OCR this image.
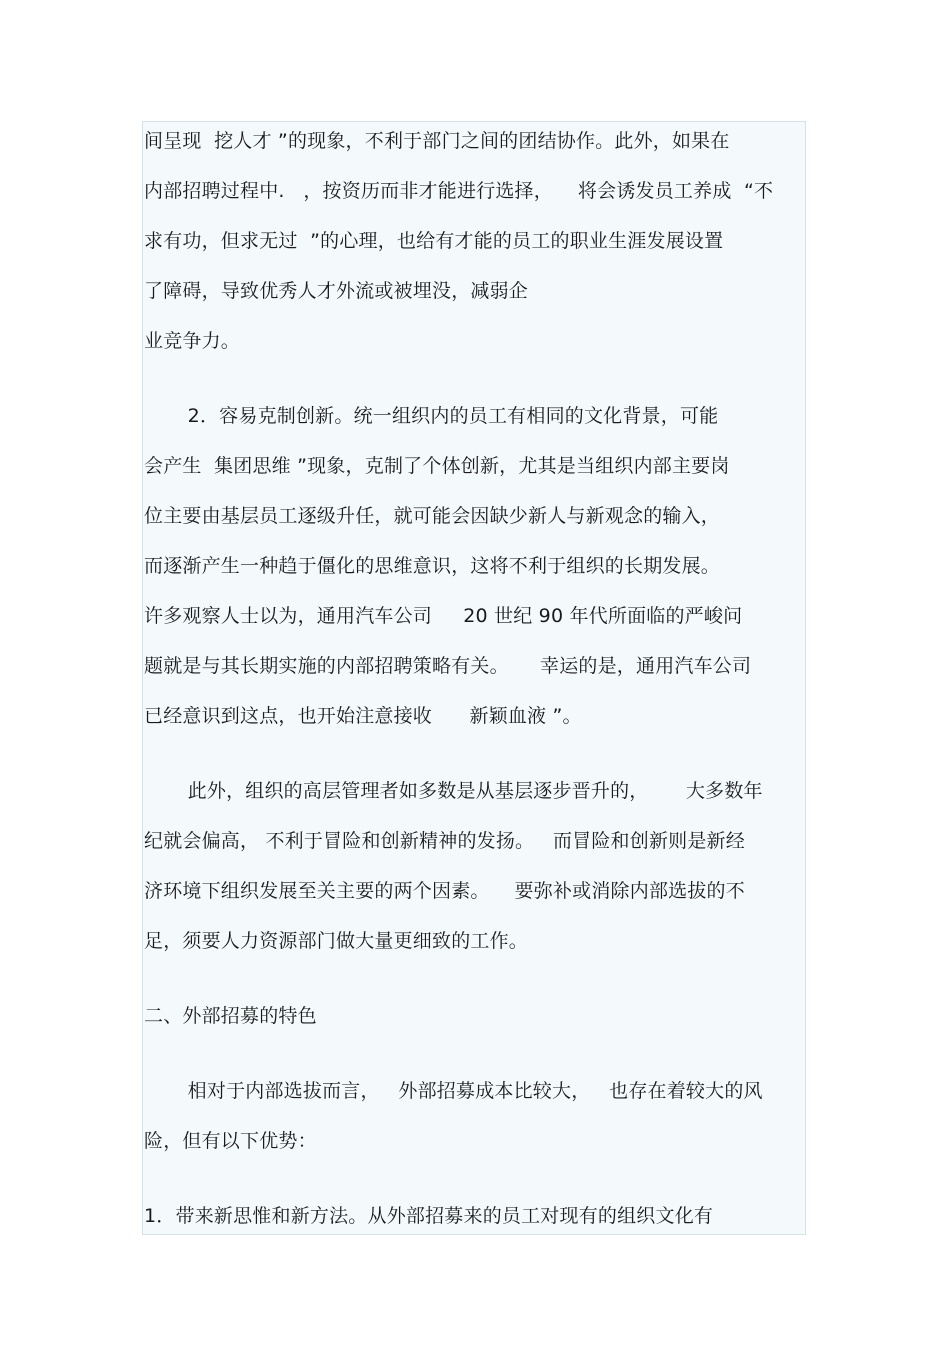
间呈现  挖人才 ”的现象，不利于部门之间的团结协作。此外，如果在
内部招聘过程中.   ，按资历而非才能进行选择，    将会诱发员工养成  “不
求有功，但求无过  ”的心理，也给有才能的员工的职业生涯发展设置
了障碍，导致优秀人才外流或被埋没，减弱企
业竞争力。
2．容易克制创新。统一组织内的员工有相同的文化背景，可能
会产生  集团思维 ”现象，克制了个体创新，尤其是当组织内部主要岗
位主要由基层员工逐级升任，就可能会因缺少新人与新观念的输入，
而逐渐产生一种趋于僵化的思维意识，这将不利于组织的长期发展。
许多观察人士以为，通用汽车公司     20 世纪 90 年代所面临的严峻问
题就是与其长期实施的内部招聘策略有关。     幸运的是，通用汽车公司
已经意识到这点，也开始注意接收      新颖血液 ”。
此外，组织的高层管理者如多数是从基层逐步晋升的，      大多数年
纪就会偏高， 不利于冒险和创新精神的发扬。   而冒险和创新则是新经
济环境下组织发展至关主要的两个因素。    要弥补或消除内部选拔的不
足，须要人力资源部门做大量更细致的工作。
二、外部招募的特色
相对于内部选拔而言，   外部招募成本比较大，   也存在着较大的风
险，但有以下优势：
1．带来新思惟和新方法。从外部招募来的员工对现有的组织文化有
